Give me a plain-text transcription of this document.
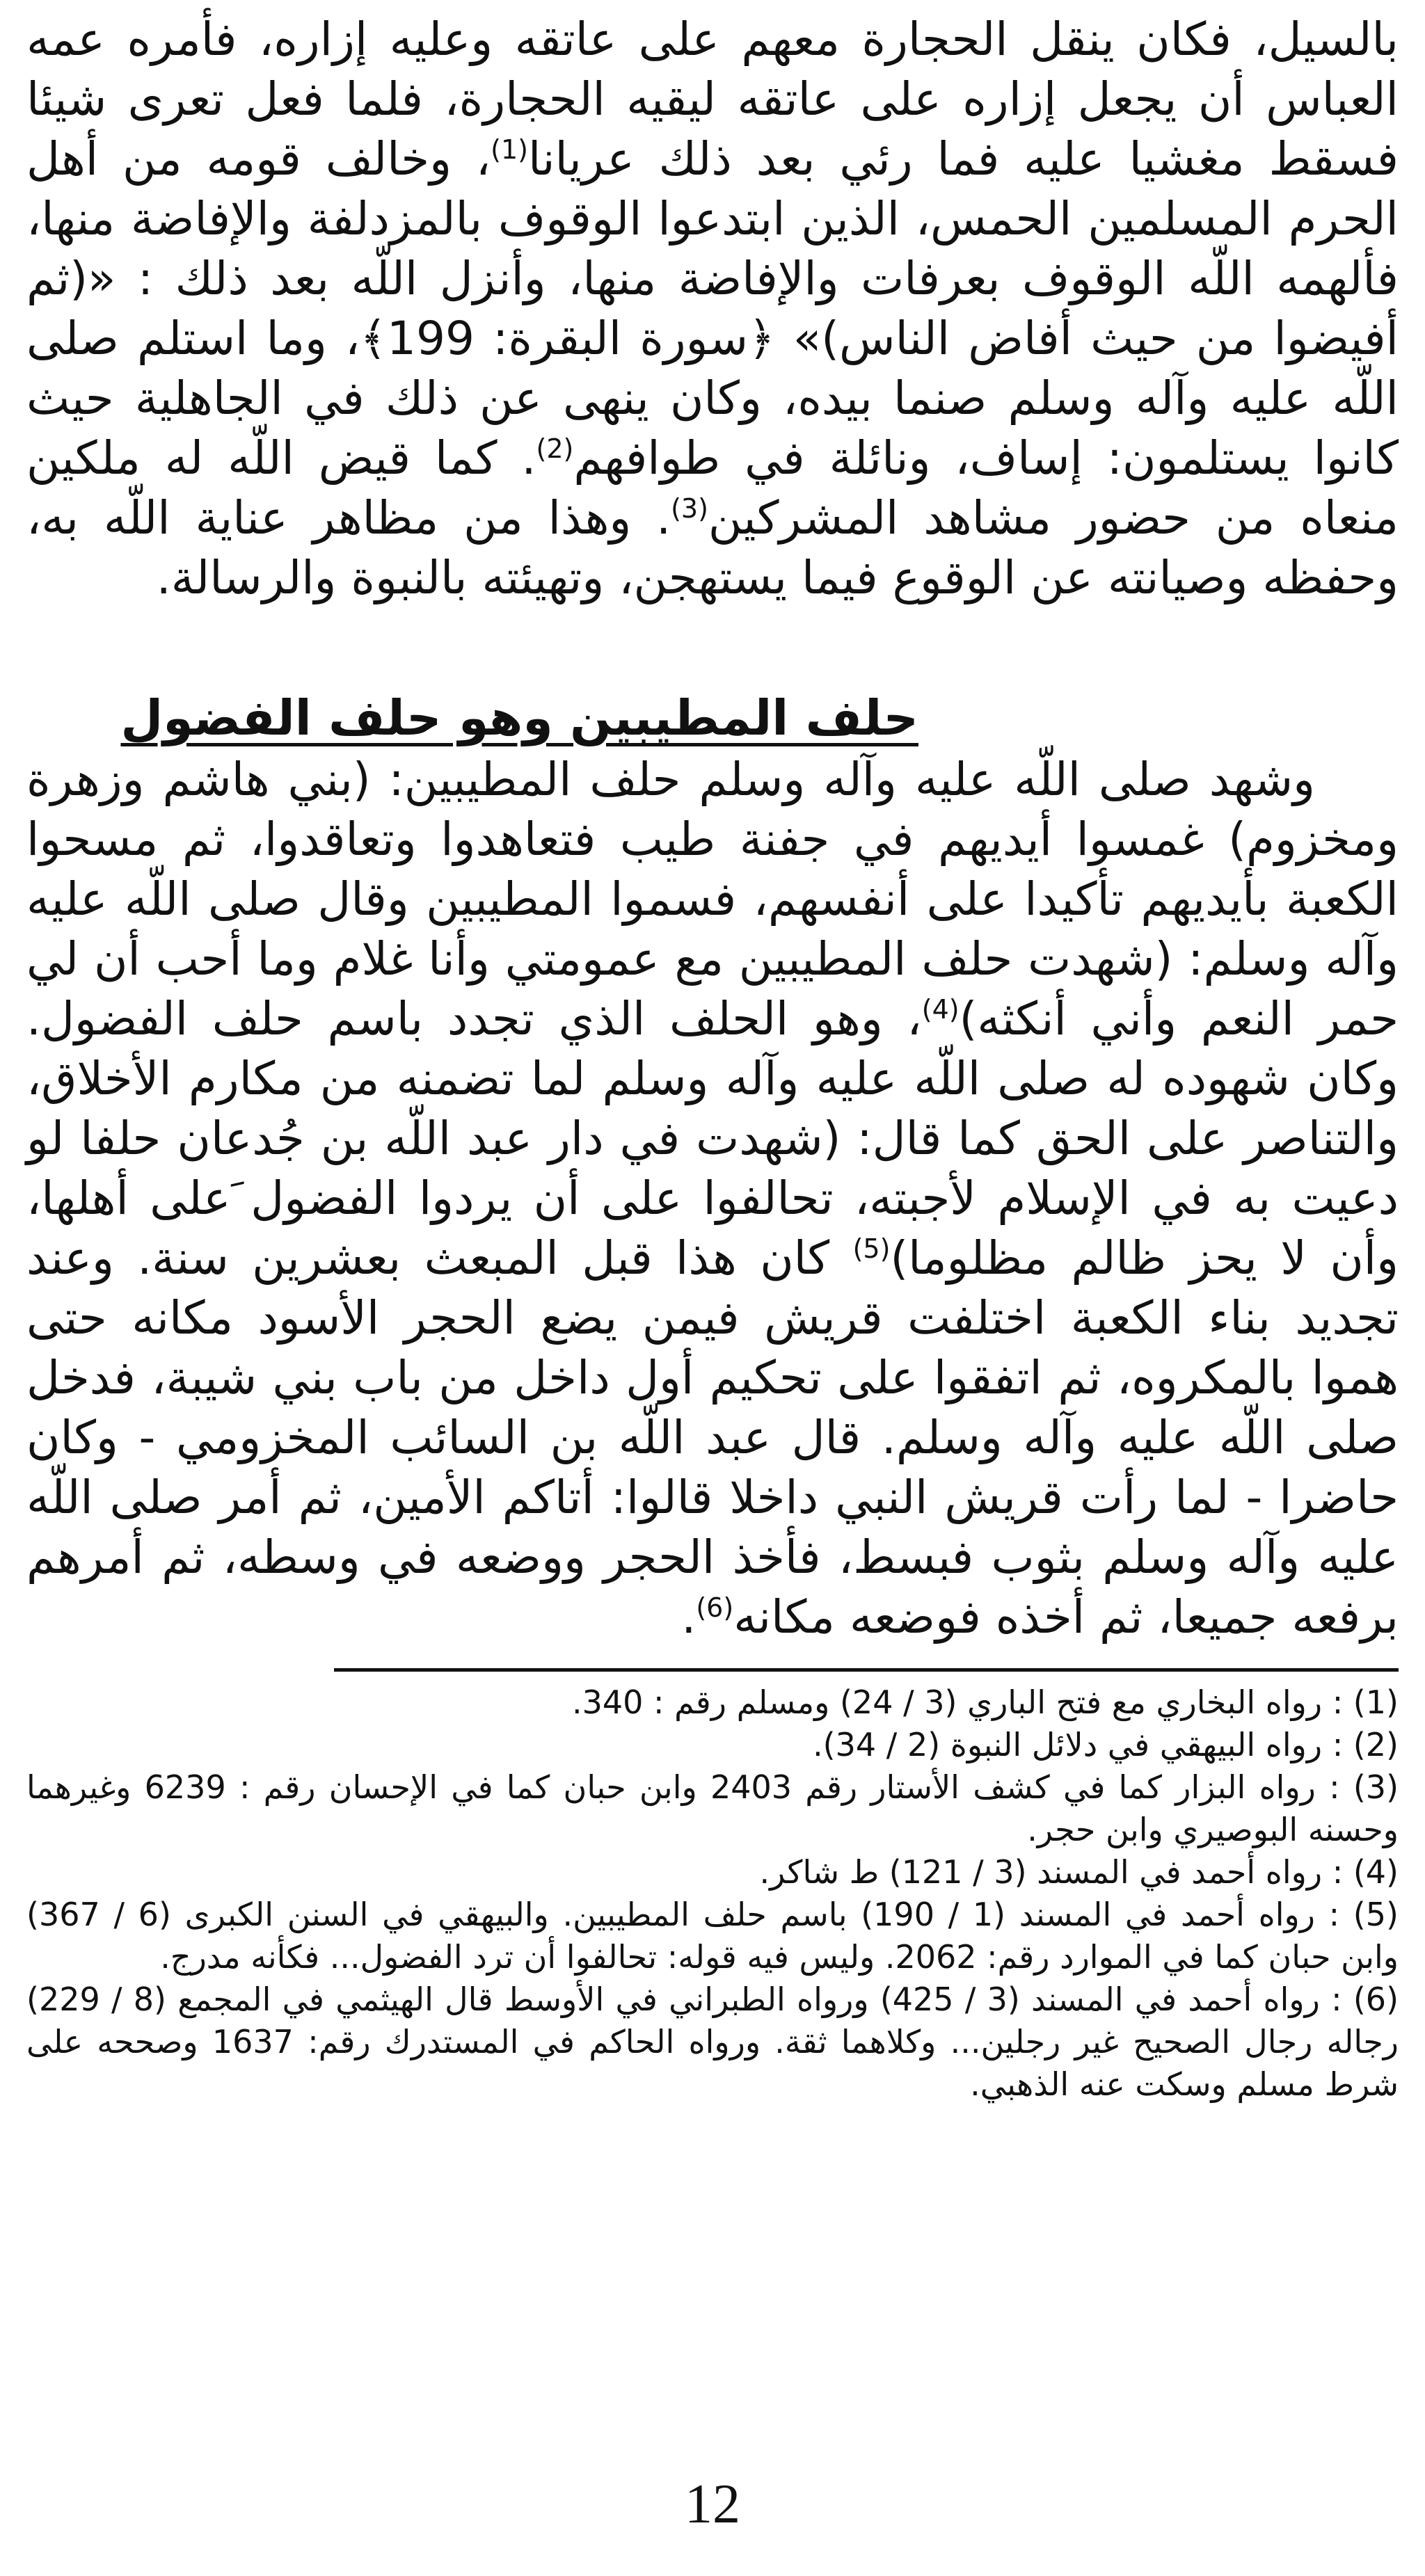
بالسيل، فكان ينقل الحجارة معهم على عاتقه وعليه إزاره، فأمره عمه العباس أن يجعل إزاره على عاتقه ليقيه الحجارة، فلما فعل تعرى شيئا فسقط مغشيا عليه فما رئي بعد ذلك عريانا$^{(1)}$، وخالف قومه من أهل الحرم المسلمين الحمس، الذين ابتدعوا الوقوف بالمزدلفة والإفاضة منها، فألهمه اللّه الوقوف بعرفات والإفاضة منها، وأنزل اللّه بعد ذلك : «(ثم أفيضوا من حيث أفاض الناس)» ﴿سورة البقرة: 199﴾، وما استلم صلى اللّه عليه وآله وسلم صنما بيده، وكان ينهى عن ذلك في الجاهلية حيث كانوا يستلمون: إساف، ونائلة في طوافهم$^{(2)}$. كما قيض اللّه له ملكين منعاه من حضور مشاهد المشركين$^{(3)}$. وهذا من مظاهر عناية اللّه به، وحفظه وصيانته عن الوقوع فيما يستهجن، وتهيئته بالنبوة والرسالة.

حلف المطيبين وهو حلف الفضول

وشهد صلى اللّه عليه وآله وسلم حلف المطيبين: (بني هاشم وزهرة ومخزوم) غمسوا أيديهم في جفنة طيب فتعاهدوا وتعاقدوا، ثم مسحوا الكعبة بأيديهم تأكيدا على أنفسهم، فسموا المطيبين وقال صلى اللّه عليه وآله وسلم: (شهدت حلف المطيبين مع عمومتي وأنا غلام وما أحب أن لي حمر النعم وأني أنكثه)$^{(4)}$، وهو الحلف الذي تجدد باسم حلف الفضول. وكان شهوده له صلى اللّه عليه وآله وسلم لما تضمنه من مكارم الأخلاق، والتناصر على الحق كما قال: (شهدت في دار عبد اللّه بن جُدعان حلفا لو دعيت به في الإسلام لأجبته، تحالفوا على أن يردوا الفضول َعلى أهلها، وأن لا يحز ظالم مظلوما)$^{(5)}$ كان هذا قبل المبعث بعشرين سنة. وعند تجديد بناء الكعبة اختلفت قريش فيمن يضع الحجر الأسود مكانه حتى هموا بالمكروه، ثم اتفقوا على تحكيم أول داخل من باب بني شيبة، فدخل صلى اللّه عليه وآله وسلم. قال عبد اللّه بن السائب المخزومي - وكان حاضرا - لما رأت قريش النبي داخلا قالوا: أتاكم الأمين، ثم أمر صلى اللّه عليه وآله وسلم بثوب فبسط، فأخذ الحجر ووضعه في وسطه، ثم أمرهم برفعه جميعا، ثم أخذه فوضعه مكانه$^{(6)}$.

(1) : رواه البخاري مع فتح الباري (3 / 24) ومسلم رقم : 340.

(2) : رواه البيهقي في دلائل النبوة (2 / 34).

(3) : رواه البزار كما في كشف الأستار رقم 2403 وابن حبان كما في الإحسان رقم : 6239 وغيرهما وحسنه البوصيري وابن حجر.

(4) : رواه أحمد في المسند (3 / 121) ط شاكر.

(5) : رواه أحمد في المسند (1 / 190) باسم حلف المطيبين. والبيهقي في السنن الكبرى (6 / 367) وابن حبان كما في الموارد رقم: 2062. وليس فيه قوله: تحالفوا أن ترد الفضول... فكأنه مدرج.

(6) : رواه أحمد في المسند (3 / 425) ورواه الطبراني في الأوسط قال الهيثمي في المجمع (8 / 229) رجاله رجال الصحيح غير رجلين... وكلاهما ثقة. ورواه الحاكم في المستدرك رقم: 1637 وصححه على شرط مسلم وسكت عنه الذهبي.

12
